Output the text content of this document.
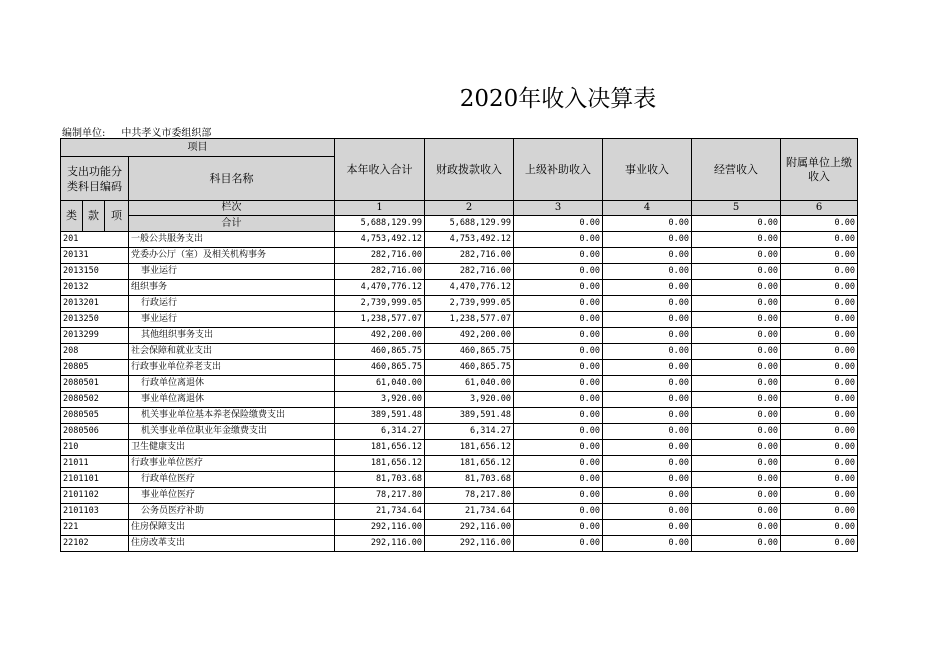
2020年收入决算表
编制单位: 中共孝义市委组织部
项目				本年收入合计	财政拨款收入	上级补助收入	事业收入	经营收入	附属单位上缴收入
支出功能分类科目编码			科目名称						

类	款	项	栏次	1	2	3	4	5	6
			合计	5,688,129.99	5,688,129.99	0.00	0.00	0.00	0.00
201			一般公共服务支出	4,753,492.12	4,753,492.12	0.00	0.00	0.00	0.00
20131			党委办公厅（室）及相关机构事务	282,716.00	282,716.00	0.00	0.00	0.00	0.00
2013150			事业运行	282,716.00	282,716.00	0.00	0.00	0.00	0.00
20132			组织事务	4,470,776.12	4,470,776.12	0.00	0.00	0.00	0.00
2013201			行政运行	2,739,999.05	2,739,999.05	0.00	0.00	0.00	0.00
2013250			事业运行	1,238,577.07	1,238,577.07	0.00	0.00	0.00	0.00
2013299			其他组织事务支出	492,200.00	492,200.00	0.00	0.00	0.00	0.00
208			社会保障和就业支出	460,865.75	460,865.75	0.00	0.00	0.00	0.00
20805			行政事业单位养老支出	460,865.75	460,865.75	0.00	0.00	0.00	0.00
2080501			行政单位离退休	61,040.00	61,040.00	0.00	0.00	0.00	0.00
2080502			事业单位离退休	3,920.00	3,920.00	0.00	0.00	0.00	0.00
2080505			机关事业单位基本养老保险缴费支出	389,591.48	389,591.48	0.00	0.00	0.00	0.00
2080506			机关事业单位职业年金缴费支出	6,314.27	6,314.27	0.00	0.00	0.00	0.00
210			卫生健康支出	181,656.12	181,656.12	0.00	0.00	0.00	0.00
21011			行政事业单位医疗	181,656.12	181,656.12	0.00	0.00	0.00	0.00
2101101			行政单位医疗	81,703.68	81,703.68	0.00	0.00	0.00	0.00
2101102			事业单位医疗	78,217.80	78,217.80	0.00	0.00	0.00	0.00
2101103			公务员医疗补助	21,734.64	21,734.64	0.00	0.00	0.00	0.00
221			住房保障支出	292,116.00	292,116.00	0.00	0.00	0.00	0.00
22102			住房改革支出	292,116.00	292,116.00	0.00	0.00	0.00	0.00
